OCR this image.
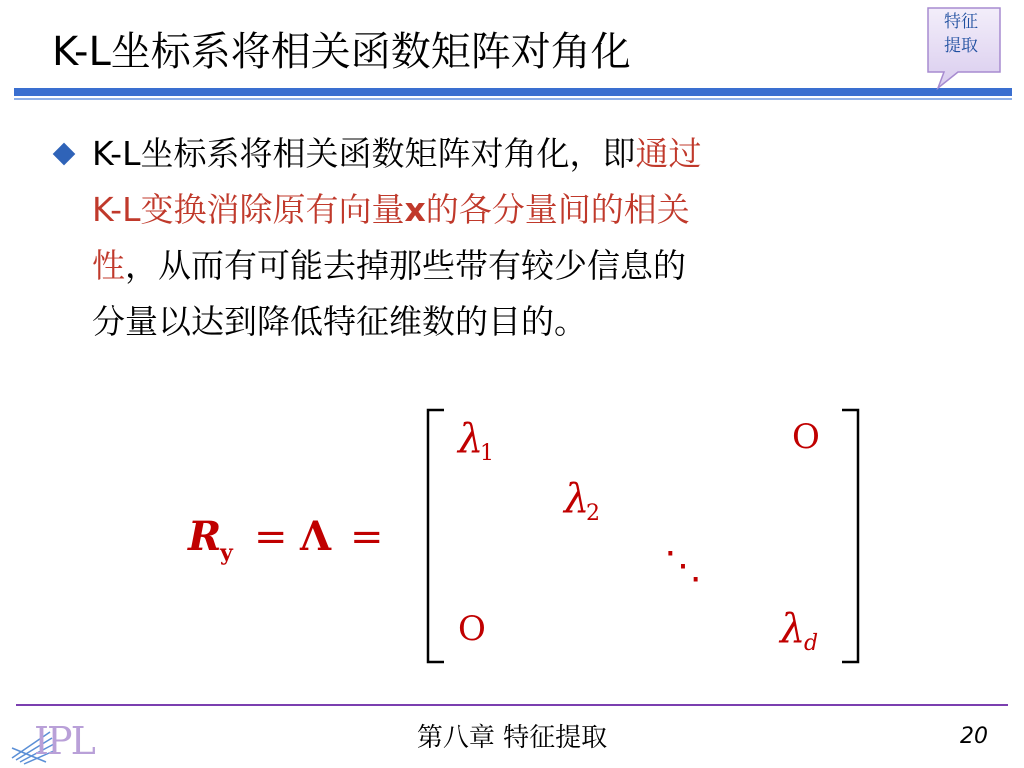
K-L坐标系将相关函数矩阵对角化
特征
提取
K-L坐标系将相关函数矩阵对角化，即通过
K-L变换消除原有向量x的各分量间的相关
性，从而有可能去掉那些带有较少信息的
分量以达到降低特征维数的目的。
R
y = Λ =
λ
1	O
λ
2
⋱
O	λ
d
IPL	第八章 特征提取	20
